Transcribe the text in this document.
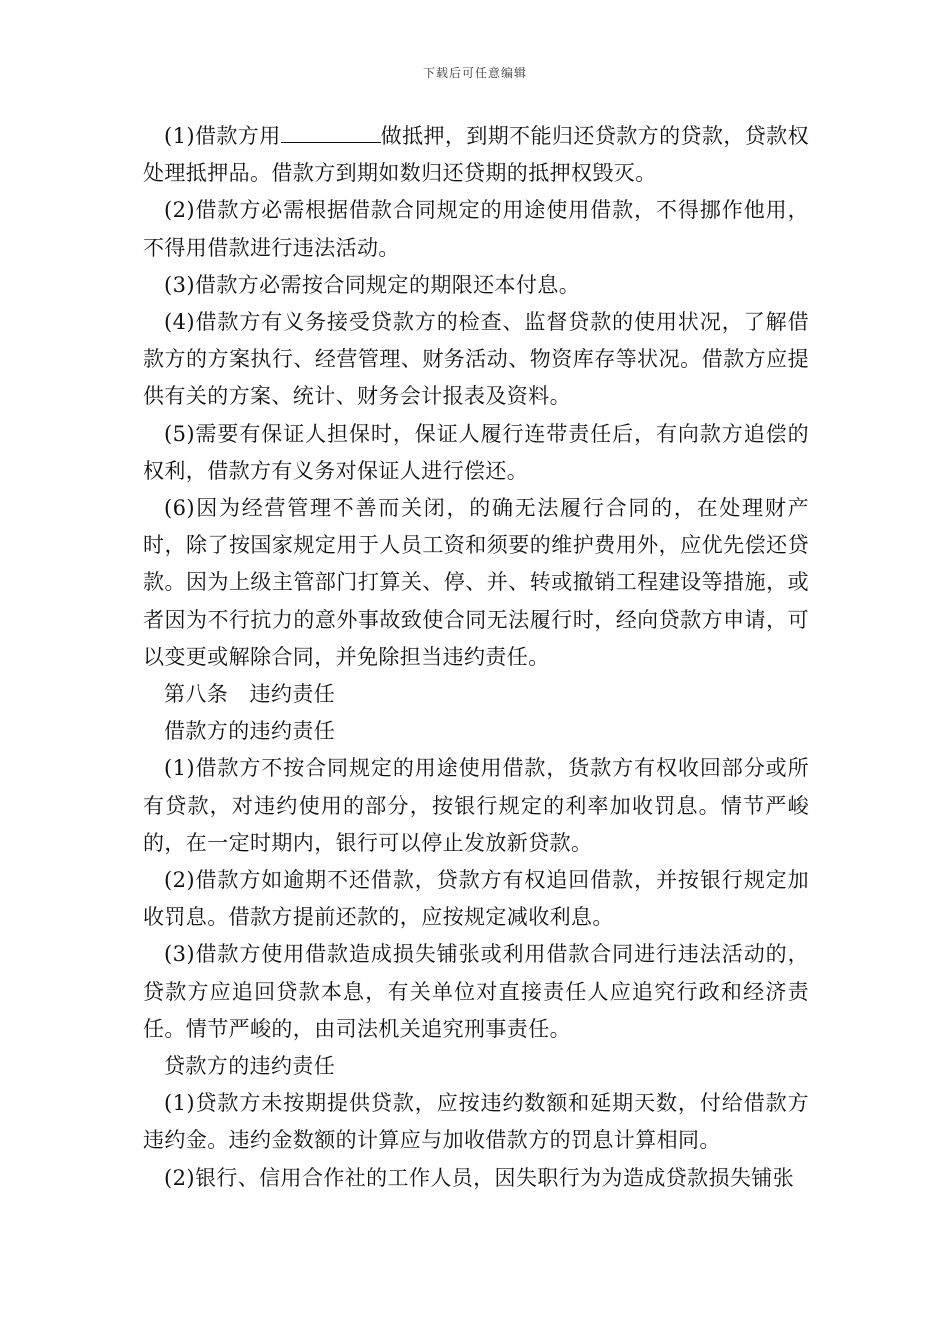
下载后可任意编辑

(1)借款方用	做抵押，到期不能归还贷款方的贷款，贷款权处理抵押品。借款方到期如数归还贷期的抵押权毁灭。

(2)借款方必需根据借款合同规定的用途使用借款，不得挪作他用，不得用借款进行违法活动。

(3)借款方必需按合同规定的期限还本付息。

(4)借款方有义务接受贷款方的检查、监督贷款的使用状况，了解借款方的方案执行、经营管理、财务活动、物资库存等状况。借款方应提供有关的方案、统计、财务会计报表及资料。

(5)需要有保证人担保时，保证人履行连带责任后，有向款方追偿的权利，借款方有义务对保证人进行偿还。

(6)因为经营管理不善而关闭，的确无法履行合同的，在处理财产时，除了按国家规定用于人员工资和须要的维护费用外，应优先偿还贷款。因为上级主管部门打算关、停、并、转或撤销工程建设等措施，或者因为不行抗力的意外事故致使合同无法履行时，经向贷款方申请，可以变更或解除合同，并免除担当违约责任。

第八条　违约责任

借款方的违约责任

(1)借款方不按合同规定的用途使用借款，货款方有权收回部分或所有贷款，对违约使用的部分，按银行规定的利率加收罚息。情节严峻的，在一定时期内，银行可以停止发放新贷款。

(2)借款方如逾期不还借款，贷款方有权追回借款，并按银行规定加收罚息。借款方提前还款的，应按规定减收利息。

(3)借款方使用借款造成损失铺张或利用借款合同进行违法活动的，贷款方应追回贷款本息，有关单位对直接责任人应追究行政和经济责任。情节严峻的，由司法机关追究刑事责任。

贷款方的违约责任

(1)贷款方未按期提供贷款，应按违约数额和延期天数，付给借款方违约金。违约金数额的计算应与加收借款方的罚息计算相同。

(2)银行、信用合作社的工作人员，因失职行为为造成贷款损失铺张
